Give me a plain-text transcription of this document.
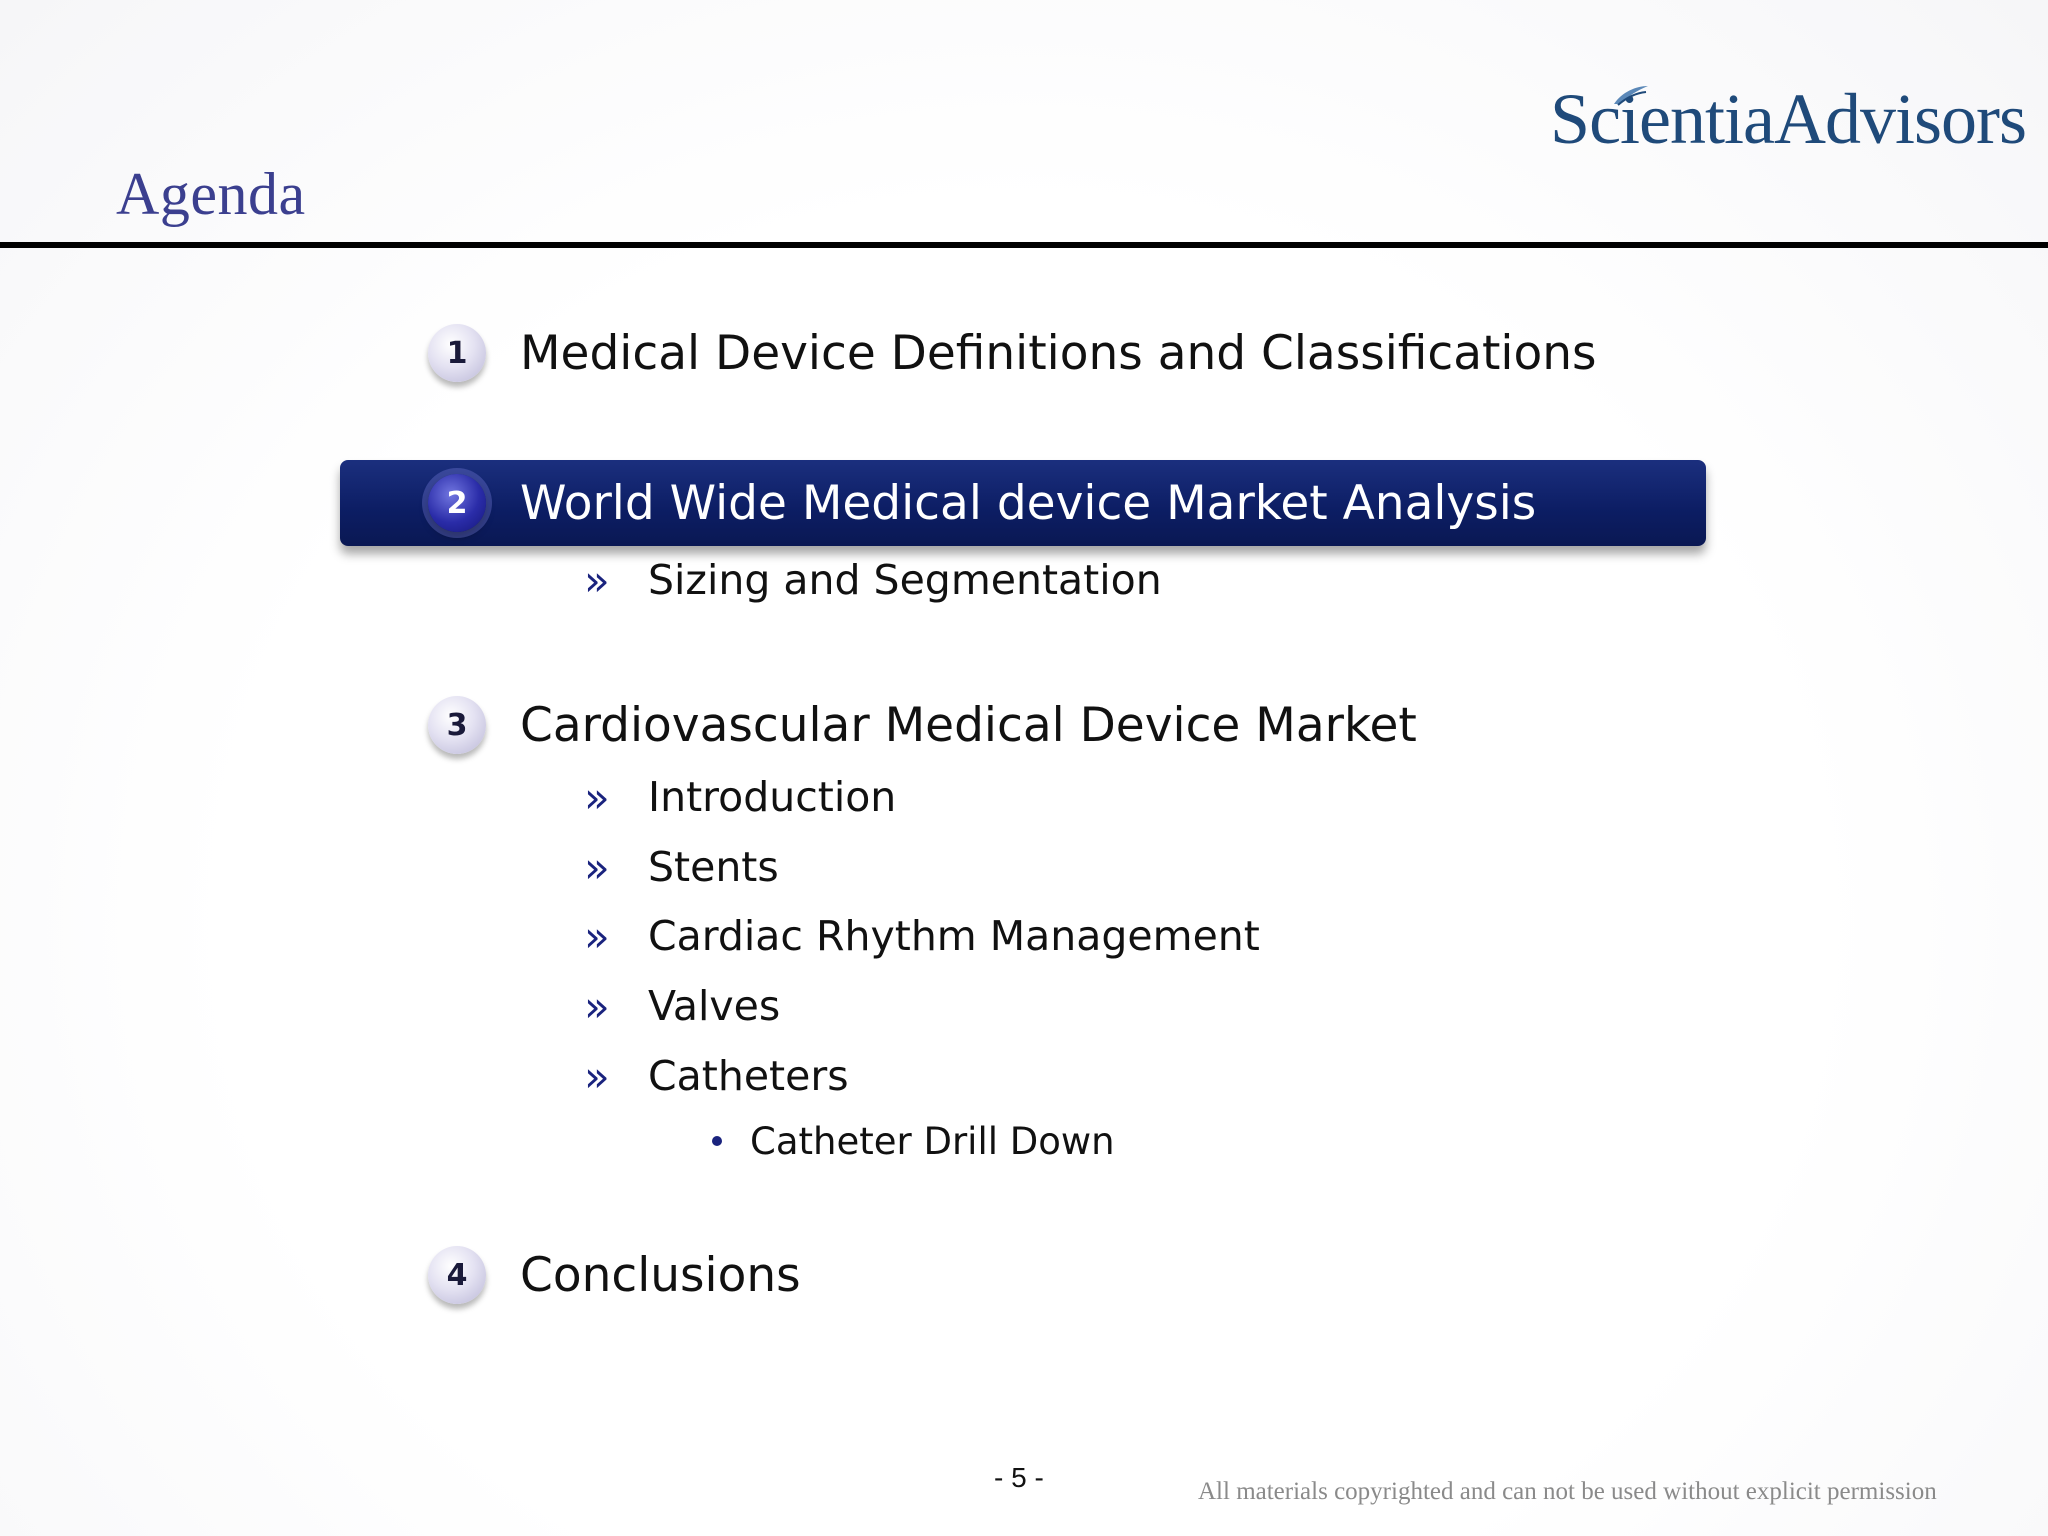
Agenda
ScientiaAdvisors
1	Medical Device Definitions and Classifications
2	World Wide Medical device Market Analysis
» Sizing and Segmentation
3	Cardiovascular Medical Device Market
» Introduction
» Stents
» Cardiac Rhythm Management
» Valves
» Catheters
Catheter Drill Down
4	Conclusions
- 5 -	All materials copyrighted and can not be used without explicit permission
